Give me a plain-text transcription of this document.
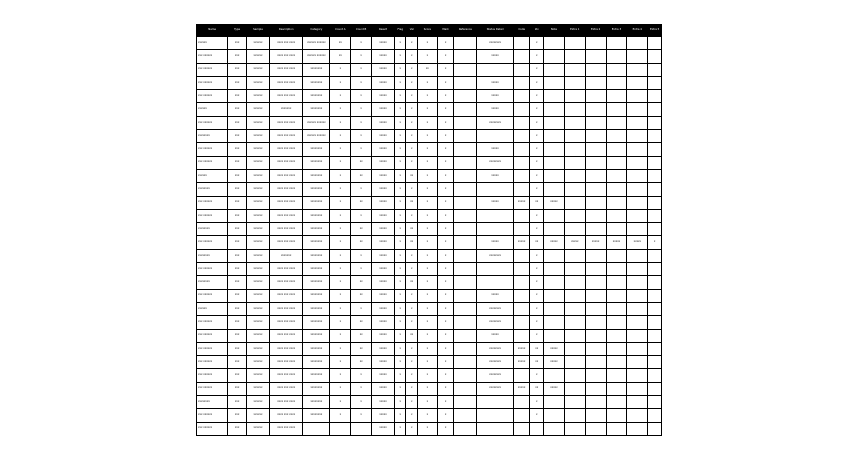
Name	Type	Sample	Description	Category	Count A	Count B	Result	Flag	Val	Score	Mark	Reference	Status Detail	Code	Idx	Note	Extra 1	Extra 2	Extra 3	Extra 4	Extra 5
xxxxxx	xxx	xxxxxx	xxxx xxx xxxx	xxxxxx xxxxxx	xx	x	xxxxx	x	x	x	x		xxxxxxxx		x						
xxx xxxxxx	xxx	xxxxxx	xxxx xxx xxxx	xxxxxx xxxxxx	xx	x	xxxxx	x	x	x	x		xxxxx		x						
xxx xxxxxx	xxx	xxxxxx	xxxx xxx xxxx	xxxxxxxx	x	x	xxxxx	x	x	xx	x				x						
xxx xxxxxx	xxx	xxxxxx	xxxx xxx xxxx	xxxxxxxx	x	x	xxxxx	x	x	x	x		xxxxx		x						
xxx xxxxxx	xxx	xxxxxx	xxxx xxx xxxx	xxxxxxxx	x	x	xxxxx	x	x	x	x		xxxxx		x						
xxxxxx	xxx	xxxxxx	xxxxxxx	xxxxxxxx	x	x	xxxxx	x	x	x	x		xxxxx		x						
xxx xxxxxx	xxx	xxxxxx	xxxx xxx xxxx	xxxxxx xxxxxx	x	x	xxxxx	x	x	x	x		xxxxxxxx		x						
xxxxxxxx	xxx	xxxxxx	xxxx xxx xxxx	xxxxxx xxxxxx	x	x	xxxxx	x	x	x	x				x						
xxx xxxxxx	xxx	xxxxxx	xxxx xxx xxxx	xxxxxxxx	x	x	xxxxx	x	x	x	x		xxxxx		x						
xxx xxxxxx	xxx	xxxxxx	xxxx xxx xxxx	xxxxxxxx	x	xx	xxxxx	x	x	x	x		xxxxxxxx		x						
xxxxxx	xxx	xxxxxx	xxxx xxx xxxx	xxxxxxxx	x	xx	xxxxx	x	xx	x	x		xxxxx		x						
xxxxxxxx	xxx	xxxxxx	xxxx xxx xxxx	xxxxxxxx	x	x	xxxxx	x	x	x	x				x						
xxx xxxxxx	xxx	xxxxxx	xxxx xxx xxxx	xxxxxxxx	x	xx	xxxxx	x	xx	x	x		xxxxx	xxxxx	xx	xxxxx					
xxx xxxxxx	xxx	xxxxxx	xxxx xxx xxxx	xxxxxxxx	x	x	xxxxx	x	x	x	x				x						
xxxxxxxx	xxx	xxxxxx	xxxx xxx xxxx	xxxxxxxx	x	xx	xxxxx	x	xx	x	x				x						
xxx xxxxxx	xxx	xxxxxx	xxxx xxx xxxx	xxxxxxxx	x	xx	xxxxx	x	xx	x	x		xxxxx	xxxxx	xx	xxxxx	xxxxx	xxxxx	xxxxx	xxxxx	x
xxxxxxxx	xxx	xxxxxx	xxxxxxx	xxxxxxxx	x	x	xxxxx	x	x	x	x		xxxxxxxx		x						
xxx xxxxxx	xxx	xxxxxx	xxxx xxx xxxx	xxxxxxxx	x	x	xxxxx	x	x	x	x				x						
xxxxxxxx	xxx	xxxxxx	xxxx xxx xxxx	xxxxxxxx	x	xx	xxxxx	x	xx	x	x				x						
xxx xxxxxx	xxx	xxxxxx	xxxx xxx xxxx	xxxxxxxx	x	xx	xxxxx	x	x	x	x		xxxxx		x						
xxxxxx	xxx	xxxxxx	xxxx xxx xxxx	xxxxxxxx	x	x	xxxxx	x	x	x	x		xxxxxxxx		x						
xxx xxxxxx	xxx	xxxxxx	xxxx xxx xxxx	xxxxxxxx	x	xx	xxxxx	x	x	x	x		xxxxxxxx		x						
xxx xxxxxx	xxx	xxxxxx	xxxx xxx xxxx	xxxxxxxx	x	xx	xxxxx	x	xx	x	x		xxxxx		x						
xxx xxxxxx	xxx	xxxxxx	xxxx xxx xxxx	xxxxxxxx	x	xx	xxxxx	x	x	x	x		xxxxxxxx	xxxxx	xx	xxxxx					
xxx xxxxxx	xxx	xxxxxx	xxxx xxx xxxx	xxxxxxxx	x	xx	xxxxx	x	x	x	x		xxxxxxxx	xxxxx	xx	xxxxx					
xxx xxxxxx	xxx	xxxxxx	xxxx xxx xxxx	xxxxxxxx	x	x	xxxxx	x	x	x	x		xxxxxxxx		x						
xxx xxxxxx	xxx	xxxxxx	xxxx xxx xxxx	xxxxxxxx	x	x	xxxxx	x	x	x	x		xxxxxxxx	xxxxx	xx	xxxxx					
xxxxxxxx	xxx	xxxxxx	xxxx xxx xxxx	xxxxxxxx	x	x	xxxxx	x	x	x	x				x						
xxx xxxxxx	xxx	xxxxxx	xxxx xxx xxxx	xxxxxxxx	x	x	xxxxx	x	x	x	x				x						
xxx xxxxxx	xxx	xxxxxx	xxxx xxx xxxx				xxxxx	x	x	x	x										
